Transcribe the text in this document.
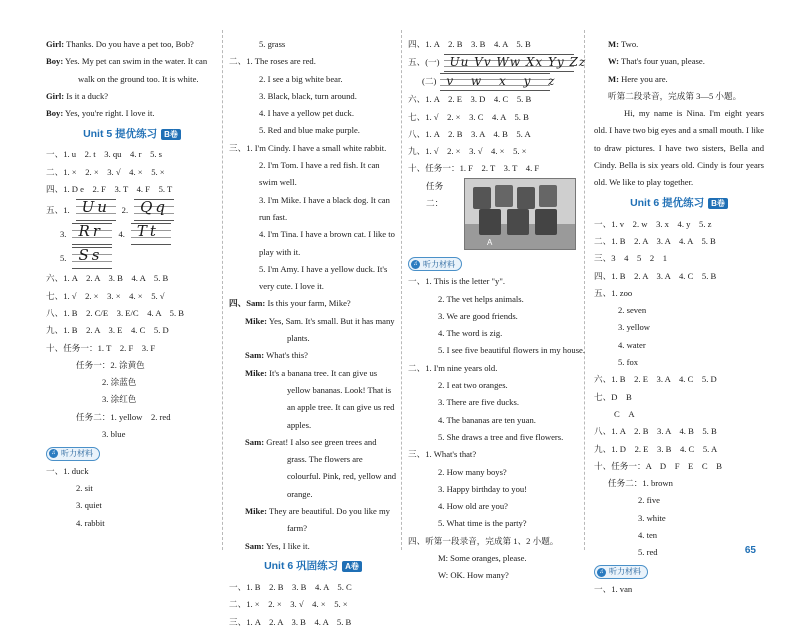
Girl: Thanks. Do you have a pet too, Bob?
Boy: Yes. My pet can swim in the water. It can walk on the ground too. It is white.
Girl: Is it a duck?
Boy: Yes, you're right. I love it.
Unit 5 提优练习 B卷
一、1. u　2. t　3. qu　4. r　5. s
二、1. ×　2. ×　3. √　4. ×　5. ×
四、1. D e　2. F　3. T　4. F　5. T
五、1. Uu 2. Qq
3. Rr 4. Tt
5. Ss
六、1. A　2. A　3. B　4. A　5. B
七、1. √　2. ×　3. ×　4. ×　5. √
八、1. B　2. C/E　3. E/C　4. A　5. B
九、1. B　2. A　3. E　4. C　5. D
十、任务一：1. T　2. F　3. F
任务一：2. 涂黄色
2. 涂蓝色
3. 涂红色
任务二：1. yellow　2. red
3. blue
♫ 听力材料
一、1. duck
2. sit
3. quiet
4. rabbit
5. grass
二、1. The roses are red.
2. I see a big white bear.
3. Black, black, turn around.
4. I have a yellow pet duck.
5. Red and blue make purple.
三、1. I'm Cindy. I have a small white rabbit.
2. I'm Tom. I have a red fish. It can swim well.
3. I'm Mike. I have a black dog. It can run fast.
4. I'm Tina. I have a brown cat. I like to play with it.
5. I'm Amy. I have a yellow duck. It's very cute. I love it.
四、Sam: Is this your farm, Mike?
Mike: Yes, Sam. It's small. But it has many plants.
Sam: What's this?
Mike: It's a banana tree. It can give us yellow bananas. Look! That is an apple tree. It can give us red apples.
Sam: Great! I also see green trees and grass. The flowers are colourful. Pink, red, yellow and orange.
Mike: They are beautiful. Do you like my farm?
Sam: Yes, I like it.
Unit 6 巩固练习 A卷
一、1. B　2. B　3. B　4. A　5. C
二、1. ×　2. ×　3. √　4. ×　5. ×
三、1. A　2. A　3. B　4. A　5. B
四、1. A　2. B　3. B　4. A　5. B
五、(一) Uu Vv Ww Xx Yy Zz
(二) v w x y z
六、1. A　2. E　3. D　4. C　5. B
七、1. √　2. ×　3. C　4. A　5. B
八、1. A　2. B　3. A　4. B　5. A
九、1. √　2. ×　3. √　4. ×　5. ×
十、任务一：1. F　2. T　3. T　4. F
任务二：
A
♫ 听力材料
一、1. This is the letter "y".
2. The vet helps animals.
3. We are good friends.
4. The word is zig.
5. I see five beautiful flowers in my house.
二、1. I'm nine years old.
2. I eat two oranges.
3. There are five ducks.
4. The bananas are ten yuan.
5. She draws a tree and five flowers.
三、1. What's that?
2. How many boys?
3. Happy birthday to you!
4. How old are you?
5. What time is the party?
四、听第一段录音，完成第 1、2 小题。
M: Some oranges, please.
W: OK. How many?
M: Two.
W: That's four yuan, please.
M: Here you are.
听第二段录音，完成第 3—5 小题。
Hi, my name is Nina. I'm eight years old. I have two big eyes and a small mouth. I like to draw pictures. I have two sisters, Bella and Cindy. Bella is six years old. Cindy is four years old. We like to play together.
Unit 6 提优练习 B卷
一、1. v　2. w　3. x　4. y　5. z
二、1. B　2. A　3. A　4. A　5. B
三、3　4　5　2　1
四、1. B　2. A　3. A　4. C　5. B
五、1. zoo
2. seven
3. yellow
4. water
5. fox
六、1. B　2. E　3. A　4. C　5. D
七、D　B
C　A
八、1. A　2. B　3. A　4. B　5. B
九、1. D　2. E　3. B　4. C　5. A
十、任务一：A　D　F　E　C　B
任务二：1. brown
2. five
3. white
4. ten
5. red
♫ 听力材料
一、1. van
65
